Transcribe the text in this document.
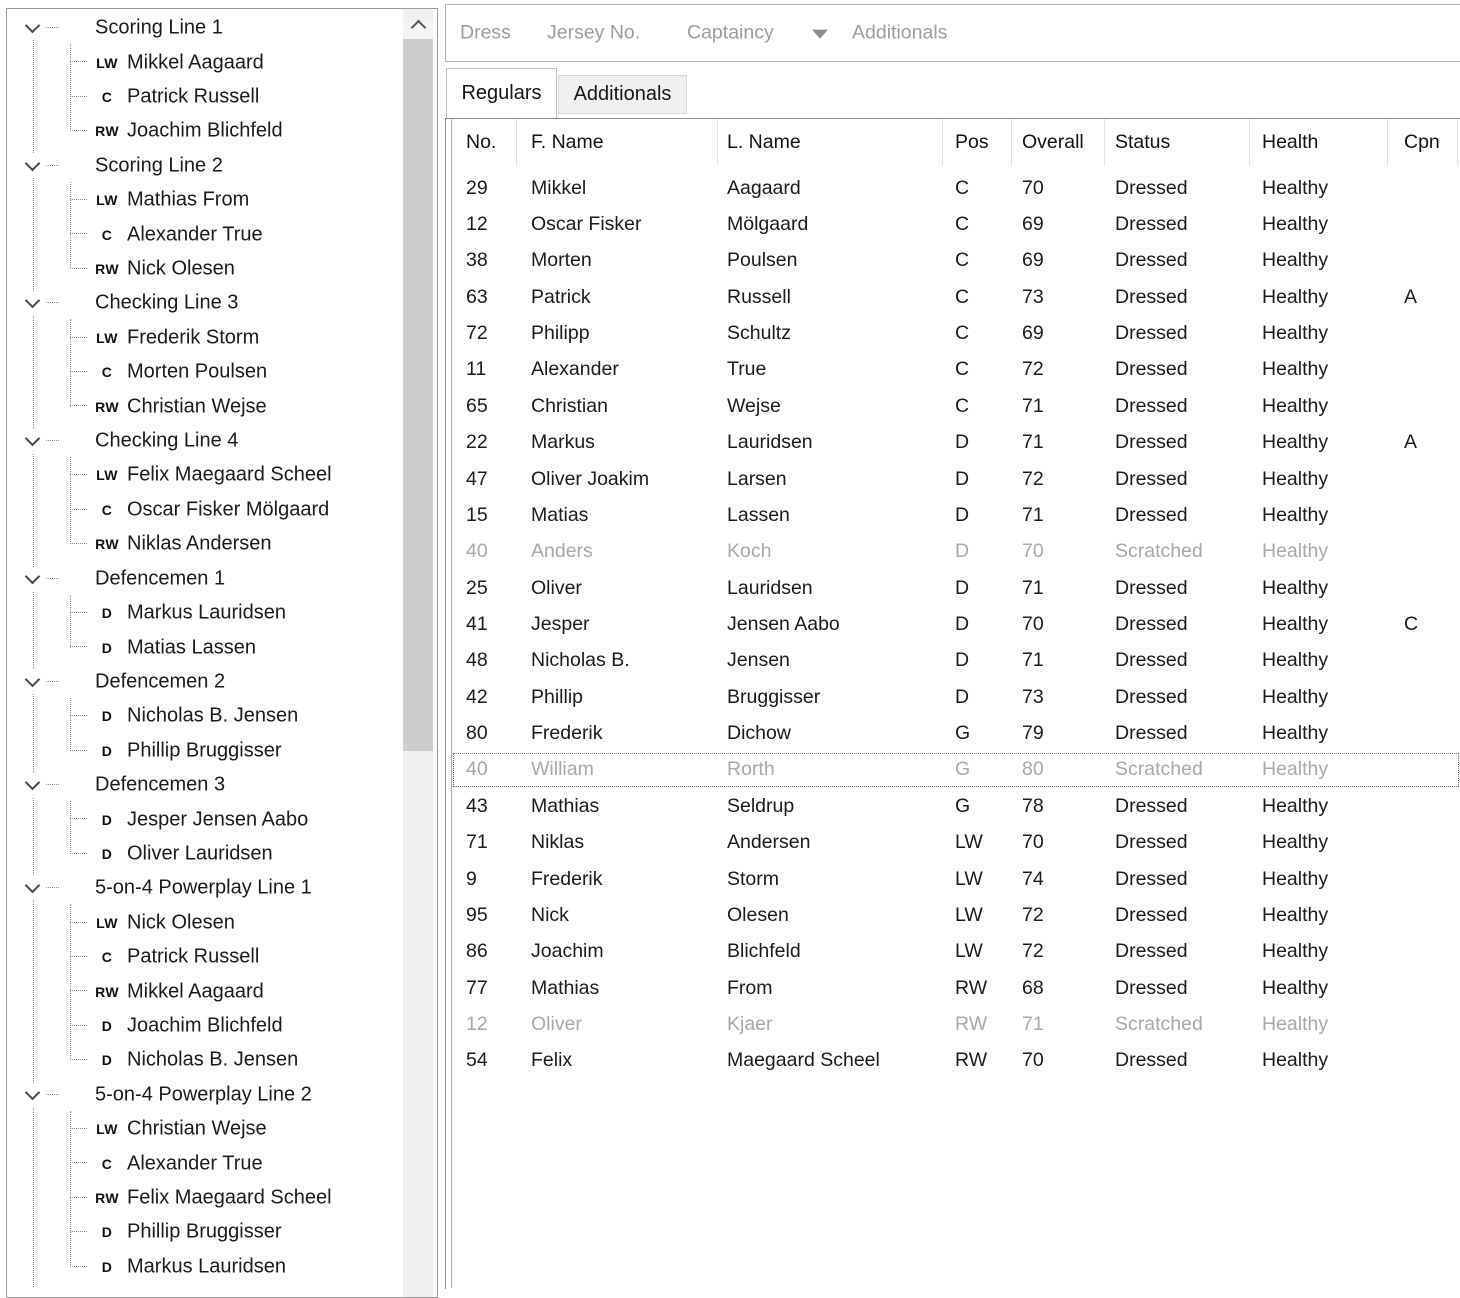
Scoring Line 1
LW Mikkel Aagaard
C Patrick Russell
RW Joachim Blichfeld
Scoring Line 2
LW Mathias From
C Alexander True
RW Nick Olesen
Checking Line 3
LW Frederik Storm
C Morten Poulsen
RW Christian Wejse
Checking Line 4
LW Felix Maegaard Scheel
C Oscar Fisker Mölgaard
RW Niklas Andersen
Defencemen 1
D Markus Lauridsen
D Matias Lassen
Defencemen 2
D Nicholas B. Jensen
D Phillip Bruggisser
Defencemen 3
D Jesper Jensen Aabo
D Oliver Lauridsen
5-on-4 Powerplay Line 1
LW Nick Olesen
C Patrick Russell
RW Mikkel Aagaard
D Joachim Blichfeld
D Nicholas B. Jensen
5-on-4 Powerplay Line 2
LW Christian Wejse
C Alexander True
RW Felix Maegaard Scheel
D Phillip Bruggisser
D Markus Lauridsen
Dress Jersey No. Captaincy	Additionals
Regulars	Additionals
No.	F. Name	L. Name	Pos	Overall	Status	Health	Cpn
29	Mikkel	Aagaard	C	70	Dressed	Healthy
12	Oscar Fisker	Mölgaard	C	69	Dressed	Healthy
38	Morten	Poulsen	C	69	Dressed	Healthy
63	Patrick	Russell	C	73	Dressed	Healthy	A
72	Philipp	Schultz	C	69	Dressed	Healthy
11	Alexander	True	C	72	Dressed	Healthy
65	Christian	Wejse	C	71	Dressed	Healthy
22	Markus	Lauridsen	D	71	Dressed	Healthy	A
47	Oliver Joakim	Larsen	D	72	Dressed	Healthy
15	Matias	Lassen	D	71	Dressed	Healthy
40	Anders	Koch	D	70	Scratched	Healthy
25	Oliver	Lauridsen	D	71	Dressed	Healthy
41	Jesper	Jensen Aabo	D	70	Dressed	Healthy	C
48	Nicholas B.	Jensen	D	71	Dressed	Healthy
42	Phillip	Bruggisser	D	73	Dressed	Healthy
80	Frederik	Dichow	G	79	Dressed	Healthy
40	William	Rorth	G	80	Scratched	Healthy
43	Mathias	Seldrup	G	78	Dressed	Healthy
71	Niklas	Andersen	LW	70	Dressed	Healthy
9	Frederik	Storm	LW	74	Dressed	Healthy
95	Nick	Olesen	LW	72	Dressed	Healthy
86	Joachim	Blichfeld	LW	72	Dressed	Healthy
77	Mathias	From	RW	68	Dressed	Healthy
12	Oliver	Kjaer	RW	71	Scratched	Healthy
54	Felix	Maegaard Scheel	RW	70	Dressed	Healthy
